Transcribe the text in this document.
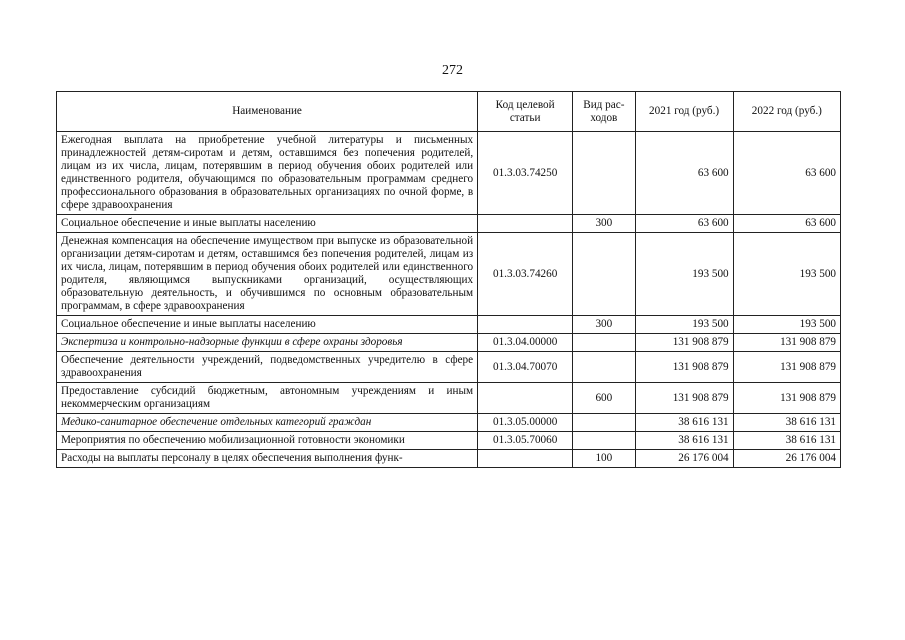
272
Наименование	Код целевой статьи	Вид рас-ходов	2021 год (руб.)	2022 год (руб.)
Ежегодная выплата на приобретение учебной литературы и письменных принадлежностей детям-сиротам и детям, оставшимся без попечения родителей, лицам из их числа, лицам, потерявшим в период обучения обоих родителей или единственного родителя, обучающимся по образовательным программам среднего профессионального образования в образовательных организациях по очной форме, в сфере здравоохранения	01.3.03.74250		63 600	63 600
Социальное обеспечение и иные выплаты населению		300	63 600	63 600
Денежная компенсация на обеспечение имуществом при выпуске из образовательной организации детям-сиротам и детям, оставшимся без попечения родителей, лицам из их числа, лицам, потерявшим в период обучения обоих родителей или единственного родителя, являющимся выпускниками организаций, осуществляющих образовательную деятельность, и обучившимся по основным образовательным программам, в сфере здравоохранения	01.3.03.74260		193 500	193 500
Социальное обеспечение и иные выплаты населению		300	193 500	193 500
Экспертиза и контрольно-надзорные функции в сфере охраны здоровья	01.3.04.00000		131 908 879	131 908 879
Обеспечение деятельности учреждений, подведомственных учредителю в сфере здравоохранения	01.3.04.70070		131 908 879	131 908 879
Предоставление субсидий бюджетным, автономным учреждениям и иным некоммерческим организациям		600	131 908 879	131 908 879
Медико-санитарное обеспечение отдельных категорий граждан	01.3.05.00000		38 616 131	38 616 131
Мероприятия по обеспечению мобилизационной готовности экономики	01.3.05.70060		38 616 131	38 616 131
Расходы на выплаты персоналу в целях обеспечения выполнения функ-		100	26 176 004	26 176 004
